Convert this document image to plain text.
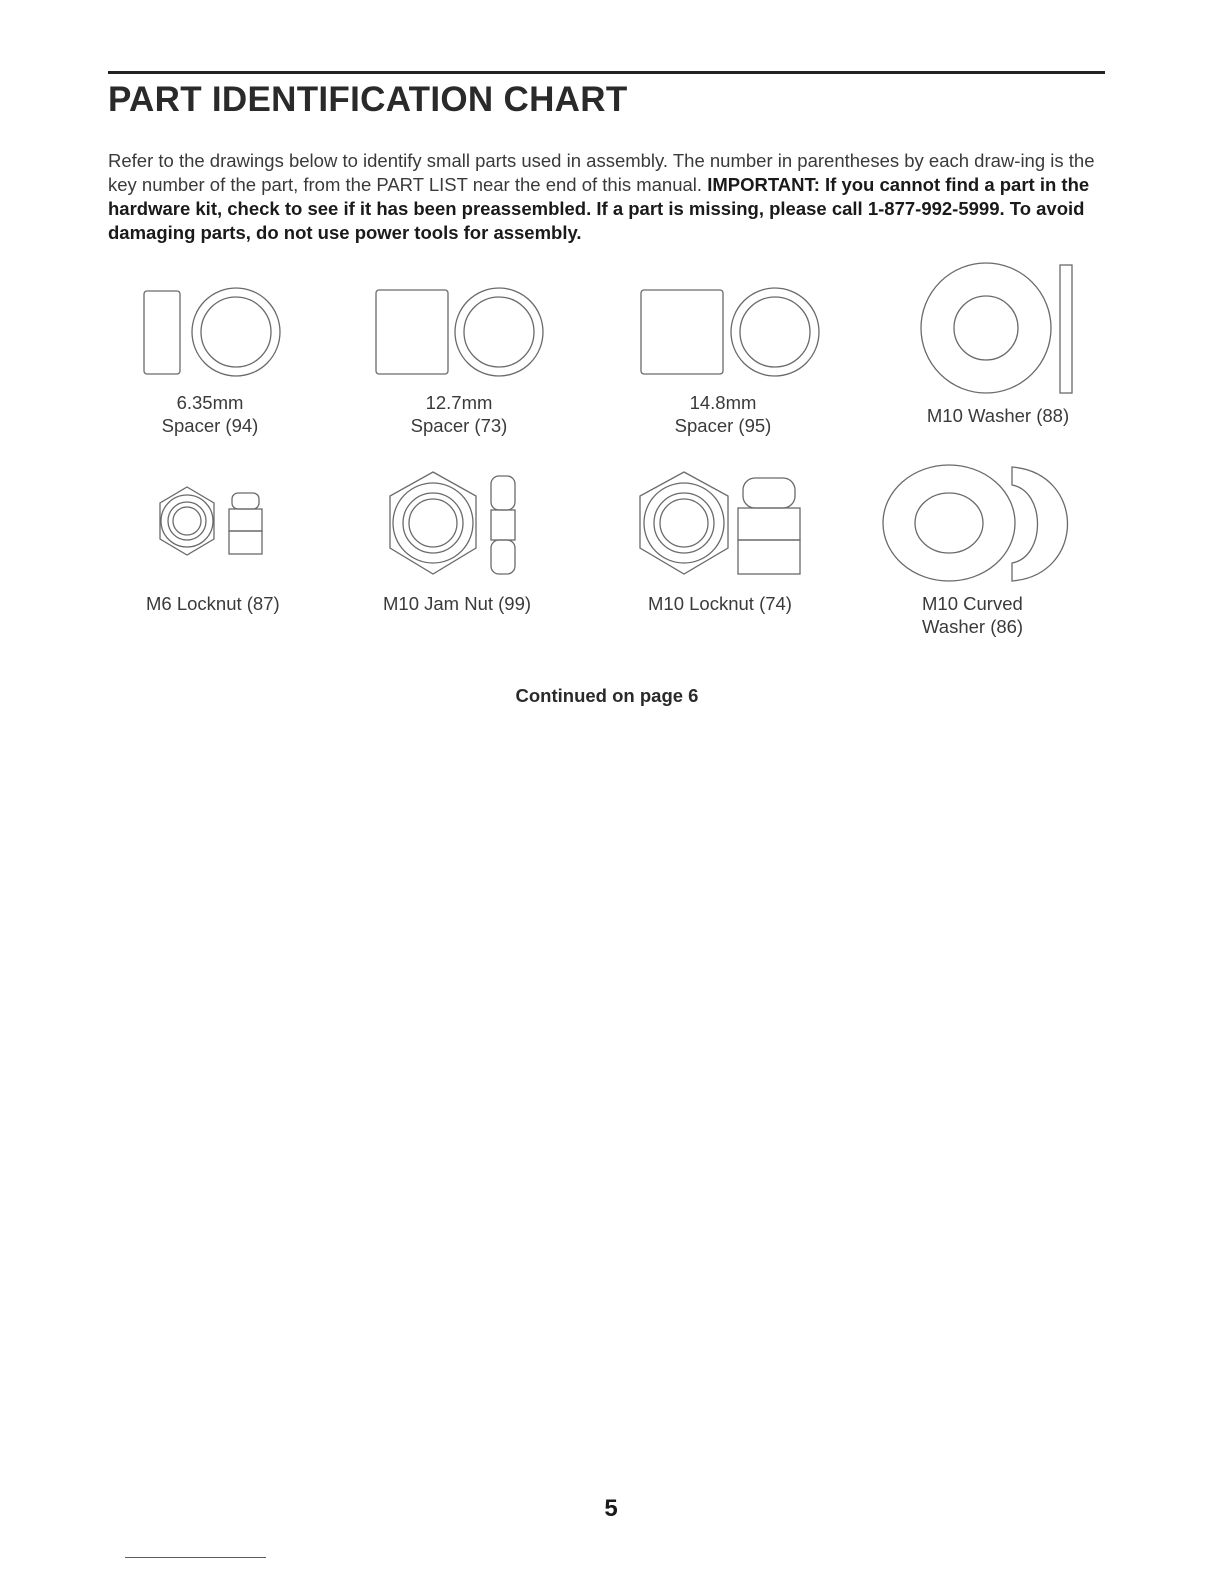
PART IDENTIFICATION CHART

Refer to the drawings below to identify small parts used in assembly. The number in parentheses by each draw-ing is the key number of the part, from the PART LIST near the end of this manual. IMPORTANT: If you cannot find a part in the hardware kit, check to see if it has been preassembled. If a part is missing, please call 1-877-992-5999. To avoid damaging parts, do not use power tools for assembly.

6.35mm
Spacer (94)
12.7mm
Spacer (73)
14.8mm
Spacer (95)	M10 Washer (88)
M6 Locknut (87)	M10 Jam Nut (99)	M10 Locknut (74)	M10 Curved
Washer (86)
Continued on page 6
5
